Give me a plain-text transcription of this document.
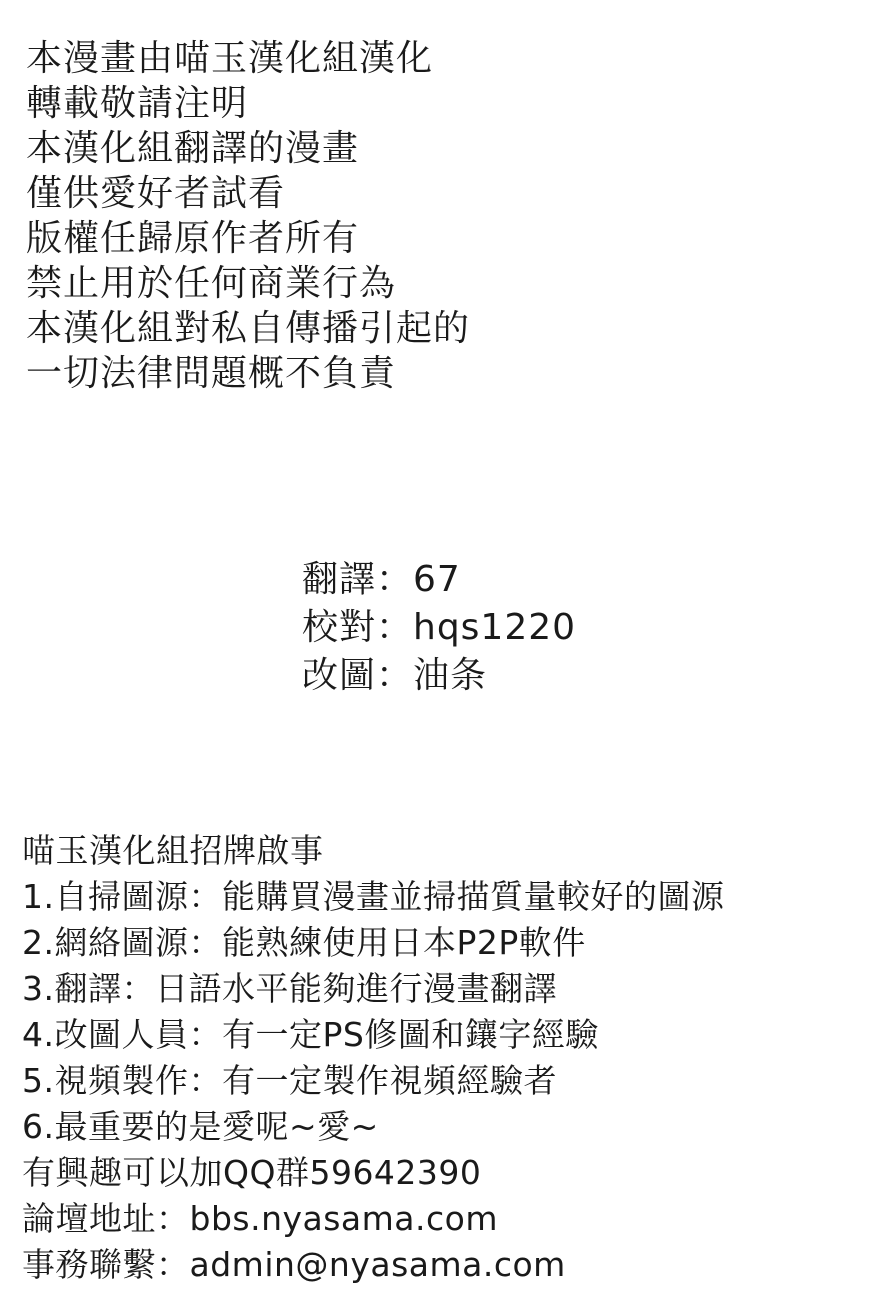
本漫畫由喵玉漢化組漢化
轉載敬請注明
本漢化組翻譯的漫畫
僅供愛好者試看
版權任歸原作者所有
禁止用於任何商業行為
本漢化組對私自傳播引起的
一切法律問題概不負責
翻譯：67
校對：hqs1220
改圖：油条
喵玉漢化組招牌啟事
1.自掃圖源：能購買漫畫並掃描質量較好的圖源
2.網絡圖源：能熟練使用日本P2P軟件
3.翻譯：日語水平能夠進行漫畫翻譯
4.改圖人員：有一定PS修圖和鑲字經驗
5.視頻製作：有一定製作視頻經驗者
6.最重要的是愛呢~愛~
有興趣可以加QQ群59642390
論壇地址：bbs.nyasama.com
事務聯繫：admin@nyasama.com
